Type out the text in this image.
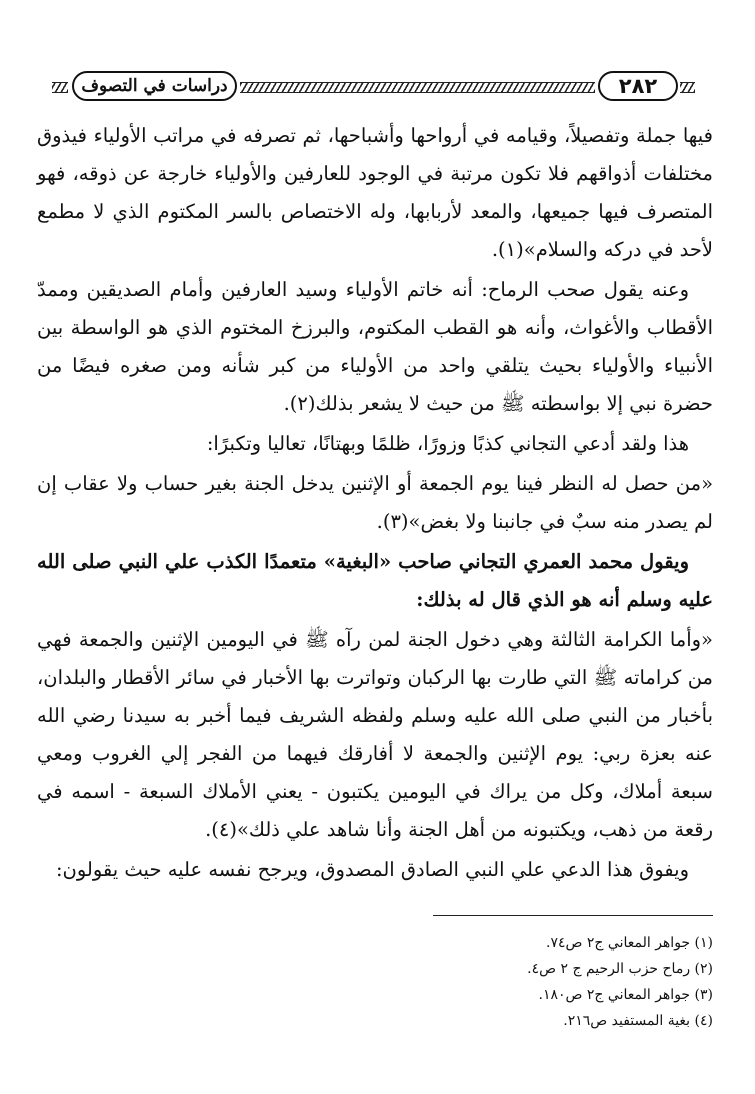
دراسات في التصوف	٢٨٢

فيها جملة وتفصيلاً، وقيامه في أرواحها وأشباحها، ثم تصرفه في مراتب الأولياء فيذوق مختلفات أذواقهم فلا تكون مرتبة في الوجود للعارفين والأولياء خارجة عن ذوقه، فهو المتصرف فيها جميعها، والمعد لأربابها، وله الاختصاص بالسر المكتوم الذي لا مطمع لأحد في دركه والسلام»(١).

وعنه يقول صحب الرماح: أنه خاتم الأولياء وسيد العارفين وأمام الصديقين وممدّ الأقطاب والأغواث، وأنه هو القطب المكتوم، والبرزخ المختوم الذي هو الواسطة بين الأنبياء والأولياء بحيث يتلقي واحد من الأولياء من كبر شأنه ومن صغره فيضًا من حضرة نبي إلا بواسطته ﷺ من حيث لا يشعر بذلك(٢).

هذا ولقد أدعي التجاني كذبًا وزورًا، ظلمًا وبهتانًا، تعاليا وتكبرًا:

«من حصل له النظر فينا يوم الجمعة أو الإثنين يدخل الجنة بغير حساب ولا عقاب إن لم يصدر منه سبٌ في جانبنا ولا بغض»(٣).

ويقول محمد العمري التجاني صاحب «البغية» متعمدًا الكذب علي النبي صلى الله عليه وسلم أنه هو الذي قال له بذلك:

«وأما الكرامة الثالثة وهي دخول الجنة لمن رآه ﷺ في اليومين الإثنين والجمعة فهي من كراماته ﷺ التي طارت بها الركبان وتواترت بها الأخبار في سائر الأقطار والبلدان، بأخبار من النبي صلى الله عليه وسلم ولفظه الشريف فيما أخبر به سيدنا رضي الله عنه بعزة ربي: يوم الإثنين والجمعة لا أفارقك فيهما من الفجر إلي الغروب ومعي سبعة أملاك، وكل من يراك في اليومين يكتبون - يعني الأملاك السبعة - اسمه في رقعة من ذهب، ويكتبونه من أهل الجنة وأنا شاهد علي ذلك»(٤).

ويفوق هذا الدعي علي النبي الصادق المصدوق، ويرجح نفسه عليه حيث يقولون:

(١) جواهر المعاني ج٢ ص٧٤.

(٢) رماح حزب الرحيم ج ٢ ص٤.

(٣) جواهر المعاني ج٢ ص١٨٠.

(٤) بغية المستفيد ص٢١٦.
